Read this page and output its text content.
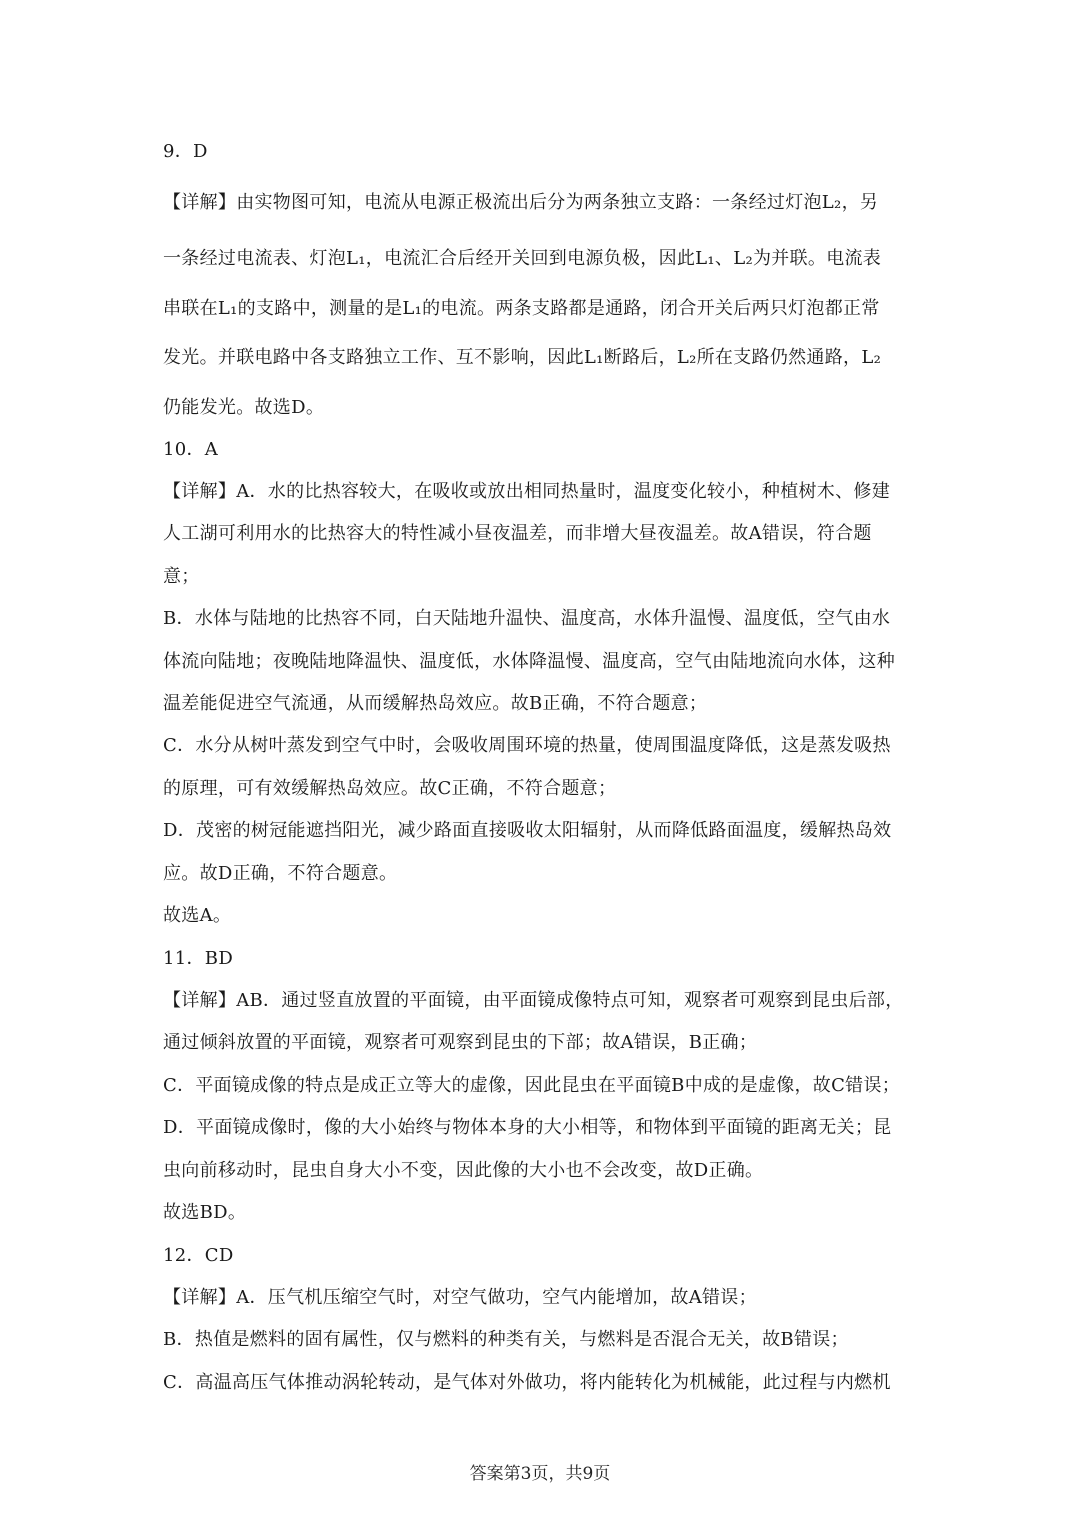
9．D
【详解】由实物图可知，电流从电源正极流出后分为两条独立支路：一条经过灯泡L₂，另
一条经过电流表、灯泡L₁，电流汇合后经开关回到电源负极，因此L₁、L₂为并联。电流表
串联在L₁的支路中，测量的是L₁的电流。两条支路都是通路，闭合开关后两只灯泡都正常
发光。并联电路中各支路独立工作、互不影响，因此L₁断路后，L₂所在支路仍然通路，L₂
仍能发光。故选D。
10．A
【详解】A．水的比热容较大，在吸收或放出相同热量时，温度变化较小，种植树木、修建
人工湖可利用水的比热容大的特性减小昼夜温差，而非增大昼夜温差。故A错误，符合题
意；
B．水体与陆地的比热容不同，白天陆地升温快、温度高，水体升温慢、温度低，空气由水
体流向陆地；夜晚陆地降温快、温度低，水体降温慢、温度高，空气由陆地流向水体，这种
温差能促进空气流通，从而缓解热岛效应。故B正确，不符合题意；
C．水分从树叶蒸发到空气中时，会吸收周围环境的热量，使周围温度降低，这是蒸发吸热
的原理，可有效缓解热岛效应。故C正确，不符合题意；
D．茂密的树冠能遮挡阳光，减少路面直接吸收太阳辐射，从而降低路面温度，缓解热岛效
应。故D正确，不符合题意。
故选A。
11．BD
【详解】AB．通过竖直放置的平面镜，由平面镜成像特点可知，观察者可观察到昆虫后部，
通过倾斜放置的平面镜，观察者可观察到昆虫的下部；故A错误，B正确；
C．平面镜成像的特点是成正立等大的虚像，因此昆虫在平面镜B中成的是虚像，故C错误；
D．平面镜成像时，像的大小始终与物体本身的大小相等，和物体到平面镜的距离无关；昆
虫向前移动时，昆虫自身大小不变，因此像的大小也不会改变，故D正确。
故选BD。
12．CD
【详解】A．压气机压缩空气时，对空气做功，空气内能增加，故A错误；
B．热值是燃料的固有属性，仅与燃料的种类有关，与燃料是否混合无关，故B错误；
C．高温高压气体推动涡轮转动，是气体对外做功，将内能转化为机械能，此过程与内燃机
答案第3页，共9页
